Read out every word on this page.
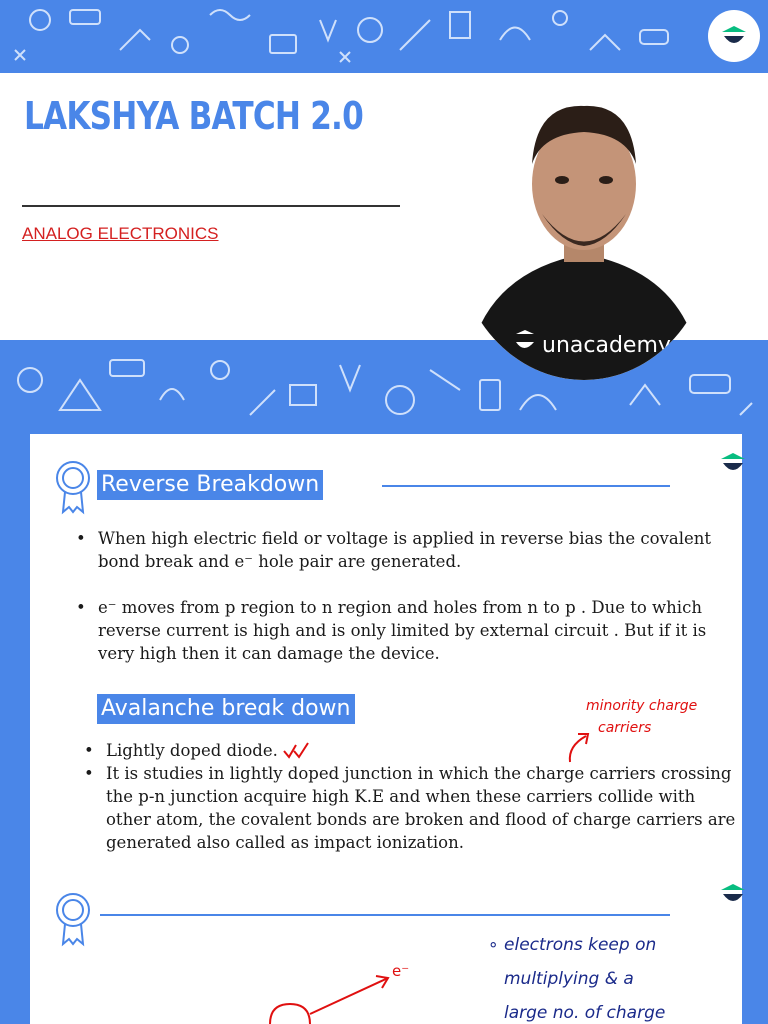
LAKSHYA BATCH 2.0
ANALOG ELECTRONICS
unacademy
Reverse Breakdown
• When high electric field or voltage is applied in reverse bias the covalent bond break and e⁻ hole pair are generated.
• e⁻ moves from p region to n region and holes from n to p . Due to which reverse current is high and is only limited by external circuit . But if it is very high then it can damage the device.
Avalanche breɑk down	minority charge
carriers
• Lightly doped diode.
• It is studies in lightly doped junction in which the charge carriers crossing the p-n junction acquire high K.E and when these carriers collide with other atom, the covalent bonds are broken and flood of charge carriers are generated also called as impact ionization.
∘ electrons keep on
multiplying & a
large no. of charge
e⁻
